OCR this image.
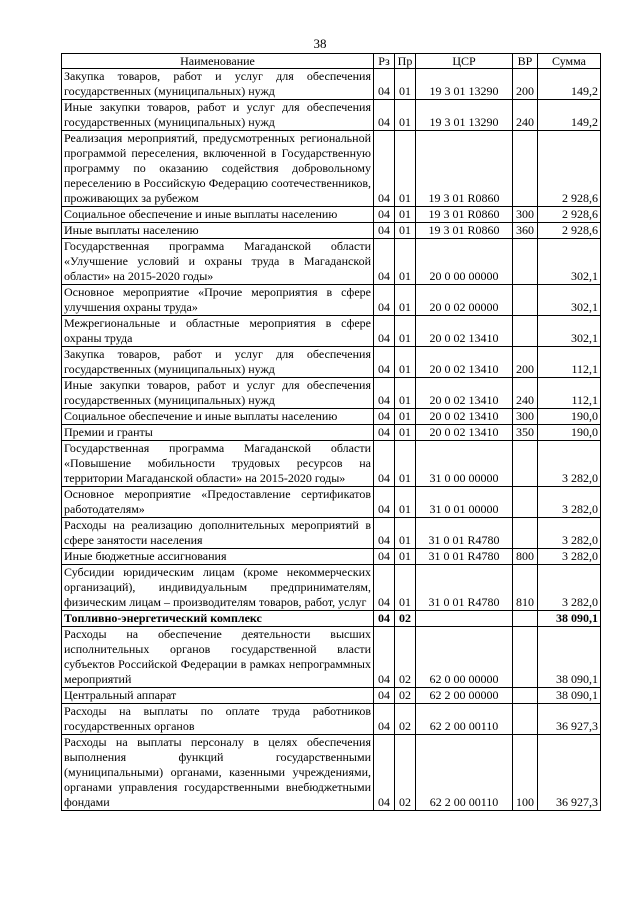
38
Наименование	Рз	Пр	ЦСР	ВР	Сумма
Закупка товаров, работ и услуг для обеспечения государственных (муниципальных) нужд	04	01	19 3 01 13290	200	149,2
Иные закупки товаров, работ и услуг для обеспечения государственных (муниципальных) нужд	04	01	19 3 01 13290	240	149,2
Реализация мероприятий, предусмотренных региональной программой переселения, включенной в Государственную программу по оказанию содействия добровольному переселению в Российскую Федерацию соотечественников, проживающих за рубежом	04	01	19 3 01 R0860		2 928,6
Социальное обеспечение и иные выплаты населению	04	01	19 3 01 R0860	300	2 928,6
Иные выплаты населению	04	01	19 3 01 R0860	360	2 928,6
Государственная программа Магаданской области «Улучшение условий и охраны труда в Магаданской области» на 2015-2020 годы»	04	01	20 0 00 00000		302,1
Основное мероприятие «Прочие мероприятия в сфере улучшения охраны труда»	04	01	20 0 02 00000		302,1
Межрегиональные и областные мероприятия в сфере охраны труда	04	01	20 0 02 13410		302,1
Закупка товаров, работ и услуг для обеспечения государственных (муниципальных) нужд	04	01	20 0 02 13410	200	112,1
Иные закупки товаров, работ и услуг для обеспечения государственных (муниципальных) нужд	04	01	20 0 02 13410	240	112,1
Социальное обеспечение и иные выплаты населению	04	01	20 0 02 13410	300	190,0
Премии и гранты	04	01	20 0 02 13410	350	190,0
Государственная программа Магаданской области «Повышение мобильности трудовых ресурсов на территории Магаданской области» на 2015-2020 годы»	04	01	31 0 00 00000		3 282,0
Основное мероприятие «Предоставление сертификатов работодателям»	04	01	31 0 01 00000		3 282,0
Расходы на реализацию дополнительных мероприятий в сфере занятости населения	04	01	31 0 01 R4780		3 282,0
Иные бюджетные ассигнования	04	01	31 0 01 R4780	800	3 282,0
Субсидии юридическим лицам (кроме некоммерческих организаций), индивидуальным предпринимателям, физическим лицам – производителям товаров, работ, услуг	04	01	31 0 01 R4780	810	3 282,0
Топливно-энергетический комплекс	04	02			38 090,1
Расходы на обеспечение деятельности высших исполнительных органов государственной власти субъектов Российской Федерации в рамках непрограммных мероприятий	04	02	62 0 00 00000		38 090,1
Центральный аппарат	04	02	62 2 00 00000		38 090,1
Расходы на выплаты по оплате труда работников государственных органов	04	02	62 2 00 00110		36 927,3
Расходы на выплаты персоналу в целях обеспечения выполнения функций государственными (муниципальными) органами, казенными учреждениями, органами управления государственными внебюджетными фондами	04	02	62 2 00 00110	100	36 927,3
